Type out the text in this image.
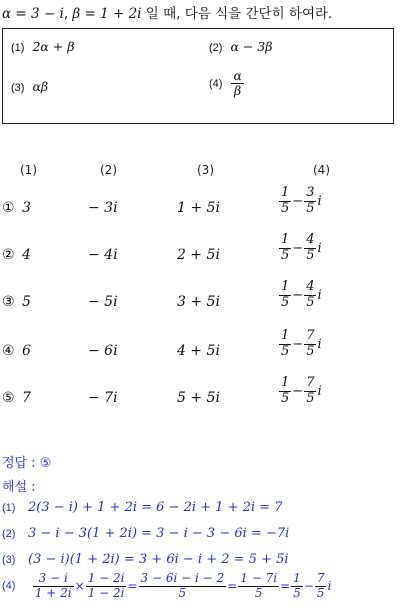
α = 3 − i, β = 1 + 2i 일 때, 다음 식을 간단히 하여라.
(1) 2α + β	(2) α − 3β
(3) αβ	$(4) \frac{\alpha}{\beta}$
(1)	(2)	(3)	(4)
① 3	− 3i	1 + 5i	$\frac{1}{5} - \frac{3}{5}$ i
② 4	− 4i	2 + 5i	$\frac{1}{5} - \frac{4}{5}$ i
③ 5	− 5i	3 + 5i	$\frac{1}{5} - \frac{4}{5}$ i
④ 6	− 6i	4 + 5i	$\frac{1}{5} - \frac{7}{5}$ i
⑤ 7	− 7i	5 + 5i	$\frac{1}{5} - \frac{7}{5}$ i
정답 : ⑤
해설 :
(1) 2(3 − i) + 1 + 2i = 6 − 2i + 1 + 2i = 7
(2) 3 − i − 3(1 + 2i) = 3 − i − 3 − 6i = −7i
(3) (3 − i)(1 + 2i) = 3 + 6i − i + 2 = 5 + 5i
$(4) \frac{3 - i}{1 + 2i} \times \frac{1 - 2i}{1 - 2i} = \frac{3 - 6i - i - 2}{5} = \frac{1 - 7i}{5} = \frac{1}{5} - \frac{7}{5}$ i
